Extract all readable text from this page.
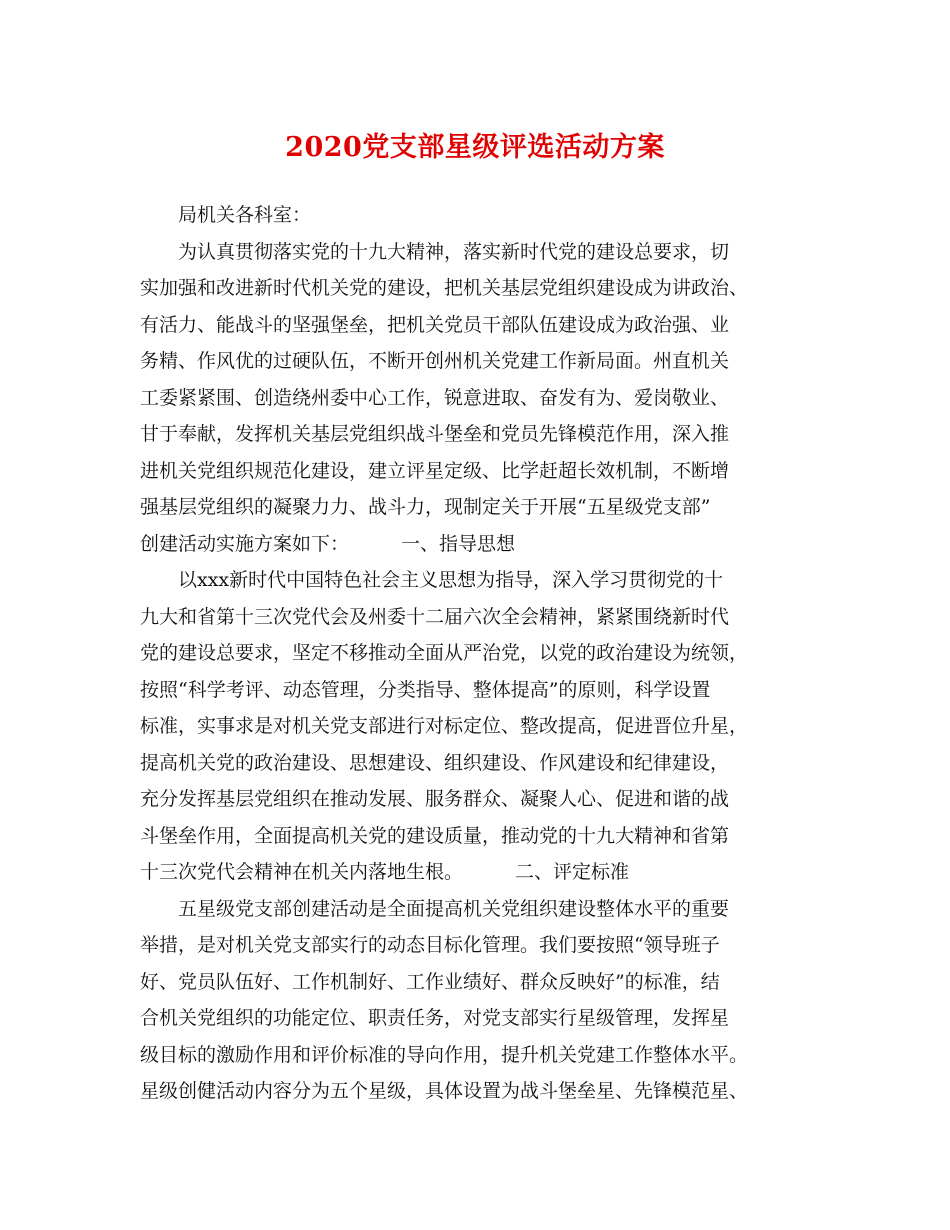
2020党支部星级评选活动方案
局机关各科室：
为认真贯彻落实党的十九大精神，落实新时代党的建设总要求，切
实加强和改进新时代机关党的建设，把机关基层党组织建设成为讲政治、
有活力、能战斗的坚强堡垒，把机关党员干部队伍建设成为政治强、业
务精、作风优的过硬队伍，不断开创州机关党建工作新局面。州直机关
工委紧紧围、创造绕州委中心工作，锐意进取、奋发有为、爱岗敬业、
甘于奉献，发挥机关基层党组织战斗堡垒和党员先锋模范作用，深入推
进机关党组织规范化建设，建立评星定级、比学赶超长效机制，不断增
强基层党组织的凝聚力力、战斗力，现制定关于开展“五星级党支部”
创建活动实施方案如下：	一、指导思想
以xxx新时代中国特色社会主义思想为指导，深入学习贯彻党的十
九大和省第十三次党代会及州委十二届六次全会精神，紧紧围绕新时代
党的建设总要求，坚定不移推动全面从严治党，以党的政治建设为统领，
按照“科学考评、动态管理，分类指导、整体提高”的原则，科学设置
标准，实事求是对机关党支部进行对标定位、整改提高，促进晋位升星，
提高机关党的政治建设、思想建设、组织建设、作风建设和纪律建设，
充分发挥基层党组织在推动发展、服务群众、凝聚人心、促进和谐的战
斗堡垒作用，全面提高机关党的建设质量，推动党的十九大精神和省第
十三次党代会精神在机关内落地生根。	二、评定标准
五星级党支部创建活动是全面提高机关党组织建设整体水平的重要
举措，是对机关党支部实行的动态目标化管理。我们要按照“领导班子
好、党员队伍好、工作机制好、工作业绩好、群众反映好”的标准，结
合机关党组织的功能定位、职责任务，对党支部实行星级管理，发挥星
级目标的激励作用和评价标准的导向作用，提升机关党建工作整体水平。
星级创健活动内容分为五个星级，具体设置为战斗堡垒星、先锋模范星、
